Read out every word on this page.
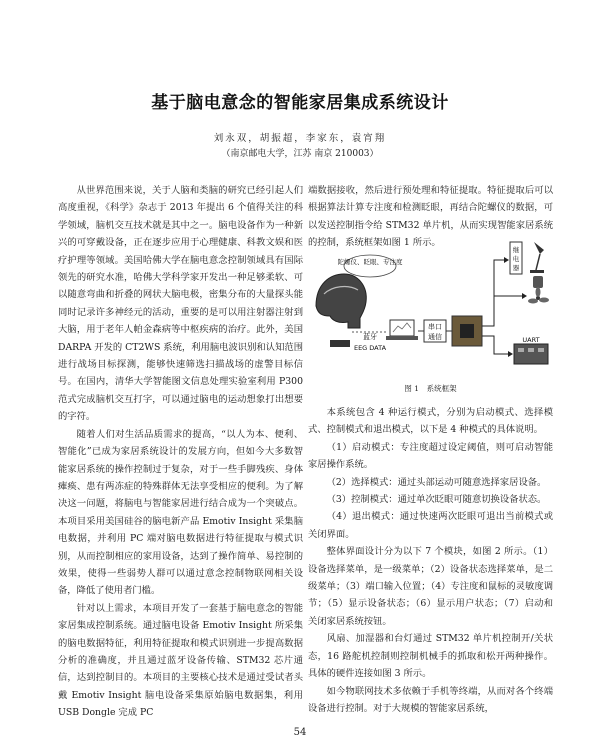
基于脑电意念的智能家居集成系统设计
刘永双，胡振超，李家东，袁宵翔
（南京邮电大学，江苏 南京 210003）

从世界范围来说，关于人脑和类脑的研究已经引起人们高度重视，《科学》杂志于 2013 年提出 6 个值得关注的科学领域，脑机交互技术就是其中之一。脑电设备作为一种新兴的可穿戴设备，正在逐步应用于心理健康、科教文娱和医疗护理等领域。美国哈佛大学在脑电意念控制领域具有国际领先的研究水准，哈佛大学科学家开发出一种足够柔软、可以随意弯曲和折叠的网状大脑电极，密集分布的大量探头能同时记录许多神经元的活动，重要的是可以用注射器注射到大脑，用于老年人帕金森病等中枢疾病的治疗。此外，美国 DARPA 开发的 CT2WS 系统，利用脑电波识别和认知范围进行战场目标探测，能够快速筛选扫描战场的虚警目标信号。在国内，清华大学智能图文信息处理实验室利用 P300 范式完成脑机交互打字，可以通过脑电的运动想象打出想要的字符。

随着人们对生活品质需求的提高，“以人为本、便利、智能化”已成为家居系统设计的发展方向，但如今大多数智能家居系统的操作控制过于复杂，对于一些手脚残疾、身体瘫痪、患有两冻症的特殊群体无法享受相应的便利。为了解决这一问题，将脑电与智能家居进行结合成为一个突破点。本项目采用美国硅谷的脑电新产品 Emotiv Insight 采集脑电数据，并利用 PC 端对脑电数据进行特征提取与模式识别，从而控制相应的家用设备，达到了操作简单、易控制的效果，使得一些弱势人群可以通过意念控制物联网相关设备，降低了使用者门槛。

针对以上需求，本项目开发了一套基于脑电意念的智能家居集成控制系统。通过脑电设备 Emotiv Insight 所采集的脑电数据特征，利用特征提取和模式识别进一步提高数据分析的准确度，并且通过蓝牙设备传输、STM32 芯片通信，达到控制目的。本项目的主要核心技术是通过受试者头戴 Emotiv Insight 脑电设备采集原始脑电数据集，利用 USB Dongle 完成 PC

端数据接收，然后进行预处理和特征提取。特征提取后可以根据算法计算专注度和检测眨眼，再结合陀螺仪的数据，可以发送控制指令给 STM32 单片机，从而实现智能家居系统的控制，系统框架如图 1 所示。

陀螺仪、眨眼、专注度
蓝牙
EEG DATA
串口
通信
继
电
器
UART
图 1　系统框架

本系统包含 4 种运行模式，分别为启动模式、选择模式、控制模式和退出模式，以下是 4 种模式的具体说明。

（1）启动模式：专注度超过设定阈值，则可启动智能家居操作系统。

（2）选择模式：通过头部运动可随意选择家居设备。

（3）控制模式：通过单次眨眼可随意切换设备状态。

（4）退出模式：通过快速两次眨眼可退出当前模式或关闭界面。

整体界面设计分为以下 7 个模块，如图 2 所示。（1）设备选择菜单，是一级菜单；（2）设备状态选择菜单，是二级菜单；（3）端口输入位置；（4）专注度和鼠标的灵敏度调节；（5）显示设备状态；（6）显示用户状态；（7）启动和关闭家居系统按钮。

风扇、加湿器和台灯通过 STM32 单片机控制开/关状态，16 路舵机控制则控制机械手的抓取和松开两种操作。具体的硬件连接如图 3 所示。

如今物联网技术多依赖于手机等终端，从而对各个终端设备进行控制。对于大规模的智能家居系统，

54
